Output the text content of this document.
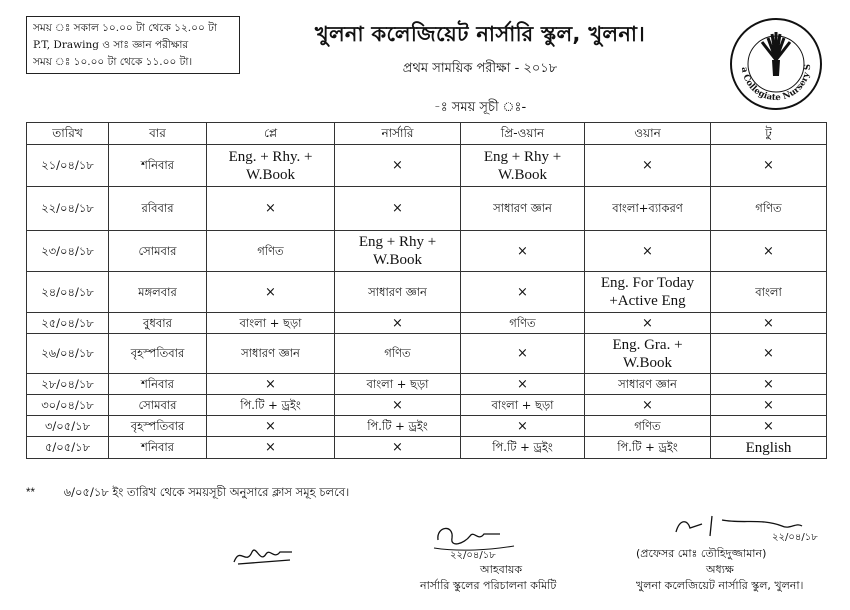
সময় ঃ সকাল ১০.০০ টা থেকে ১২.০০ টা
P.T, Drawing ও সাঃ জ্ঞান পরীক্ষার
সময় ঃ ১০.০০ টা থেকে ১১.০০ টা।
খুলনা কলেজিয়েট নার্সারি স্কুল, খুলনা।
প্রথম সাময়িক পরীক্ষা - ২০১৮
-ঃ সময় সূচী ঃ-
a Collegiate Nursery S
তারিখ	বার	প্লে	নার্সারি	প্রি-ওয়ান	ওয়ান	টু
২১/০৪/১৮	শনিবার	Eng. + Rhy. + W.Book	×	Eng + Rhy + W.Book	×	×
২২/০৪/১৮	রবিবার	×	×	সাধারণ জ্ঞান	বাংলা+ব্যাকরণ	গণিত
২৩/০৪/১৮	সোমবার	গণিত	Eng + Rhy + W.Book	×	×	×
২৪/০৪/১৮	মঙ্গলবার	×	সাধারণ জ্ঞান	×	Eng. For Today +Active Eng	বাংলা
২৫/০৪/১৮	বুধবার	বাংলা + ছড়া	×	গণিত	×	×
২৬/০৪/১৮	বৃহস্পতিবার	সাধারণ জ্ঞান	গণিত	×	Eng. Gra. + W.Book	×
২৮/০৪/১৮	শনিবার	×	বাংলা + ছড়া	×	সাধারণ জ্ঞান	×
৩০/০৪/১৮	সোমবার	পি.টি + ড্রইং	×	বাংলা + ছড়া	×	×
৩/০৫/১৮	বৃহস্পতিবার	×	পি.টি + ড্রইং	×	গণিত	×
৫/০৫/১৮	শনিবার	×	×	পি.টি + ড্রইং	পি.টি + ড্রইং	English
** ৬/০৫/১৮ ইং তারিখ থেকে সময়সূচী অনুসারে ক্লাস সমূহ চলবে।
২২/০৪/১৮
২২/০৪/১৮
আহবায়ক
নার্সারি স্কুলের পরিচালনা কমিটি
(প্রফেসর মোঃ তৌহিদুজ্জামান)
অধ্যক্ষ
খুলনা কলেজিয়েট নার্সারি স্কুল, খুলনা।
